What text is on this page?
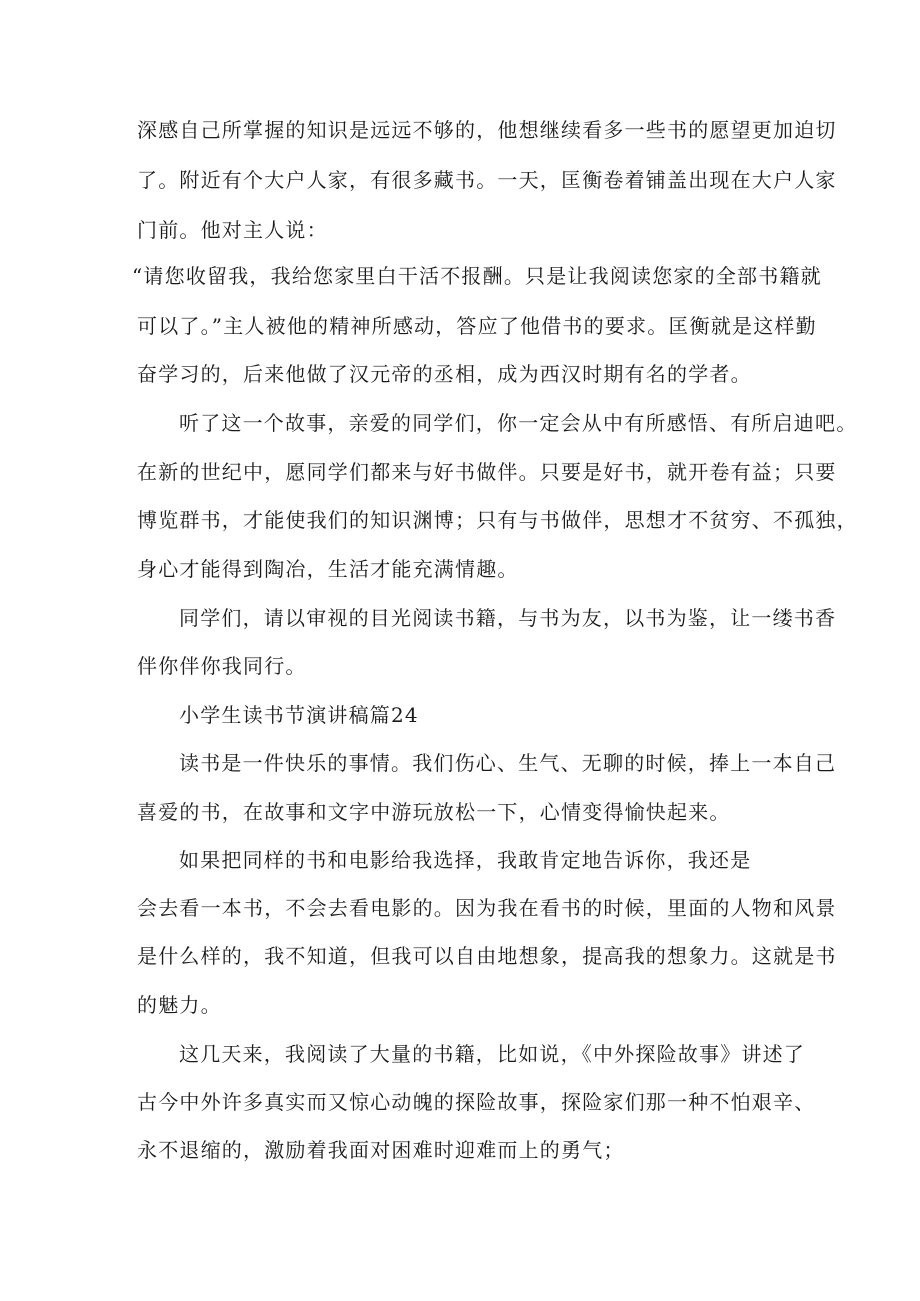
深感自己所掌握的知识是远远不够的，他想继续看多一些书的愿望更加迫切
了。附近有个大户人家，有很多藏书。一天，匡衡卷着铺盖出现在大户人家
门前。他对主人说：
“请您收留我，我给您家里白干活不报酬。只是让我阅读您家的全部书籍就
可以了。”主人被他的精神所感动，答应了他借书的要求。匡衡就是这样勤
奋学习的，后来他做了汉元帝的丞相，成为西汉时期有名的学者。
听了这一个故事，亲爱的同学们，你一定会从中有所感悟、有所启迪吧。
在新的世纪中，愿同学们都来与好书做伴。只要是好书，就开卷有益；只要
博览群书，才能使我们的知识渊博；只有与书做伴，思想才不贫穷、不孤独，
身心才能得到陶冶，生活才能充满情趣。
同学们，请以审视的目光阅读书籍，与书为友，以书为鉴，让一缕书香
伴你伴你我同行。
小学生读书节演讲稿篇24
读书是一件快乐的事情。我们伤心、生气、无聊的时候，捧上一本自己
喜爱的书，在故事和文字中游玩放松一下，心情变得愉快起来。
如果把同样的书和电影给我选择，我敢肯定地告诉你，我还是
会去看一本书，不会去看电影的。因为我在看书的时候，里面的人物和风景
是什么样的，我不知道，但我可以自由地想象，提高我的想象力。这就是书
的魅力。
这几天来，我阅读了大量的书籍，比如说，《中外探险故事》讲述了
古今中外许多真实而又惊心动魄的探险故事，探险家们那一种不怕艰辛、
永不退缩的，激励着我面对困难时迎难而上的勇气；
